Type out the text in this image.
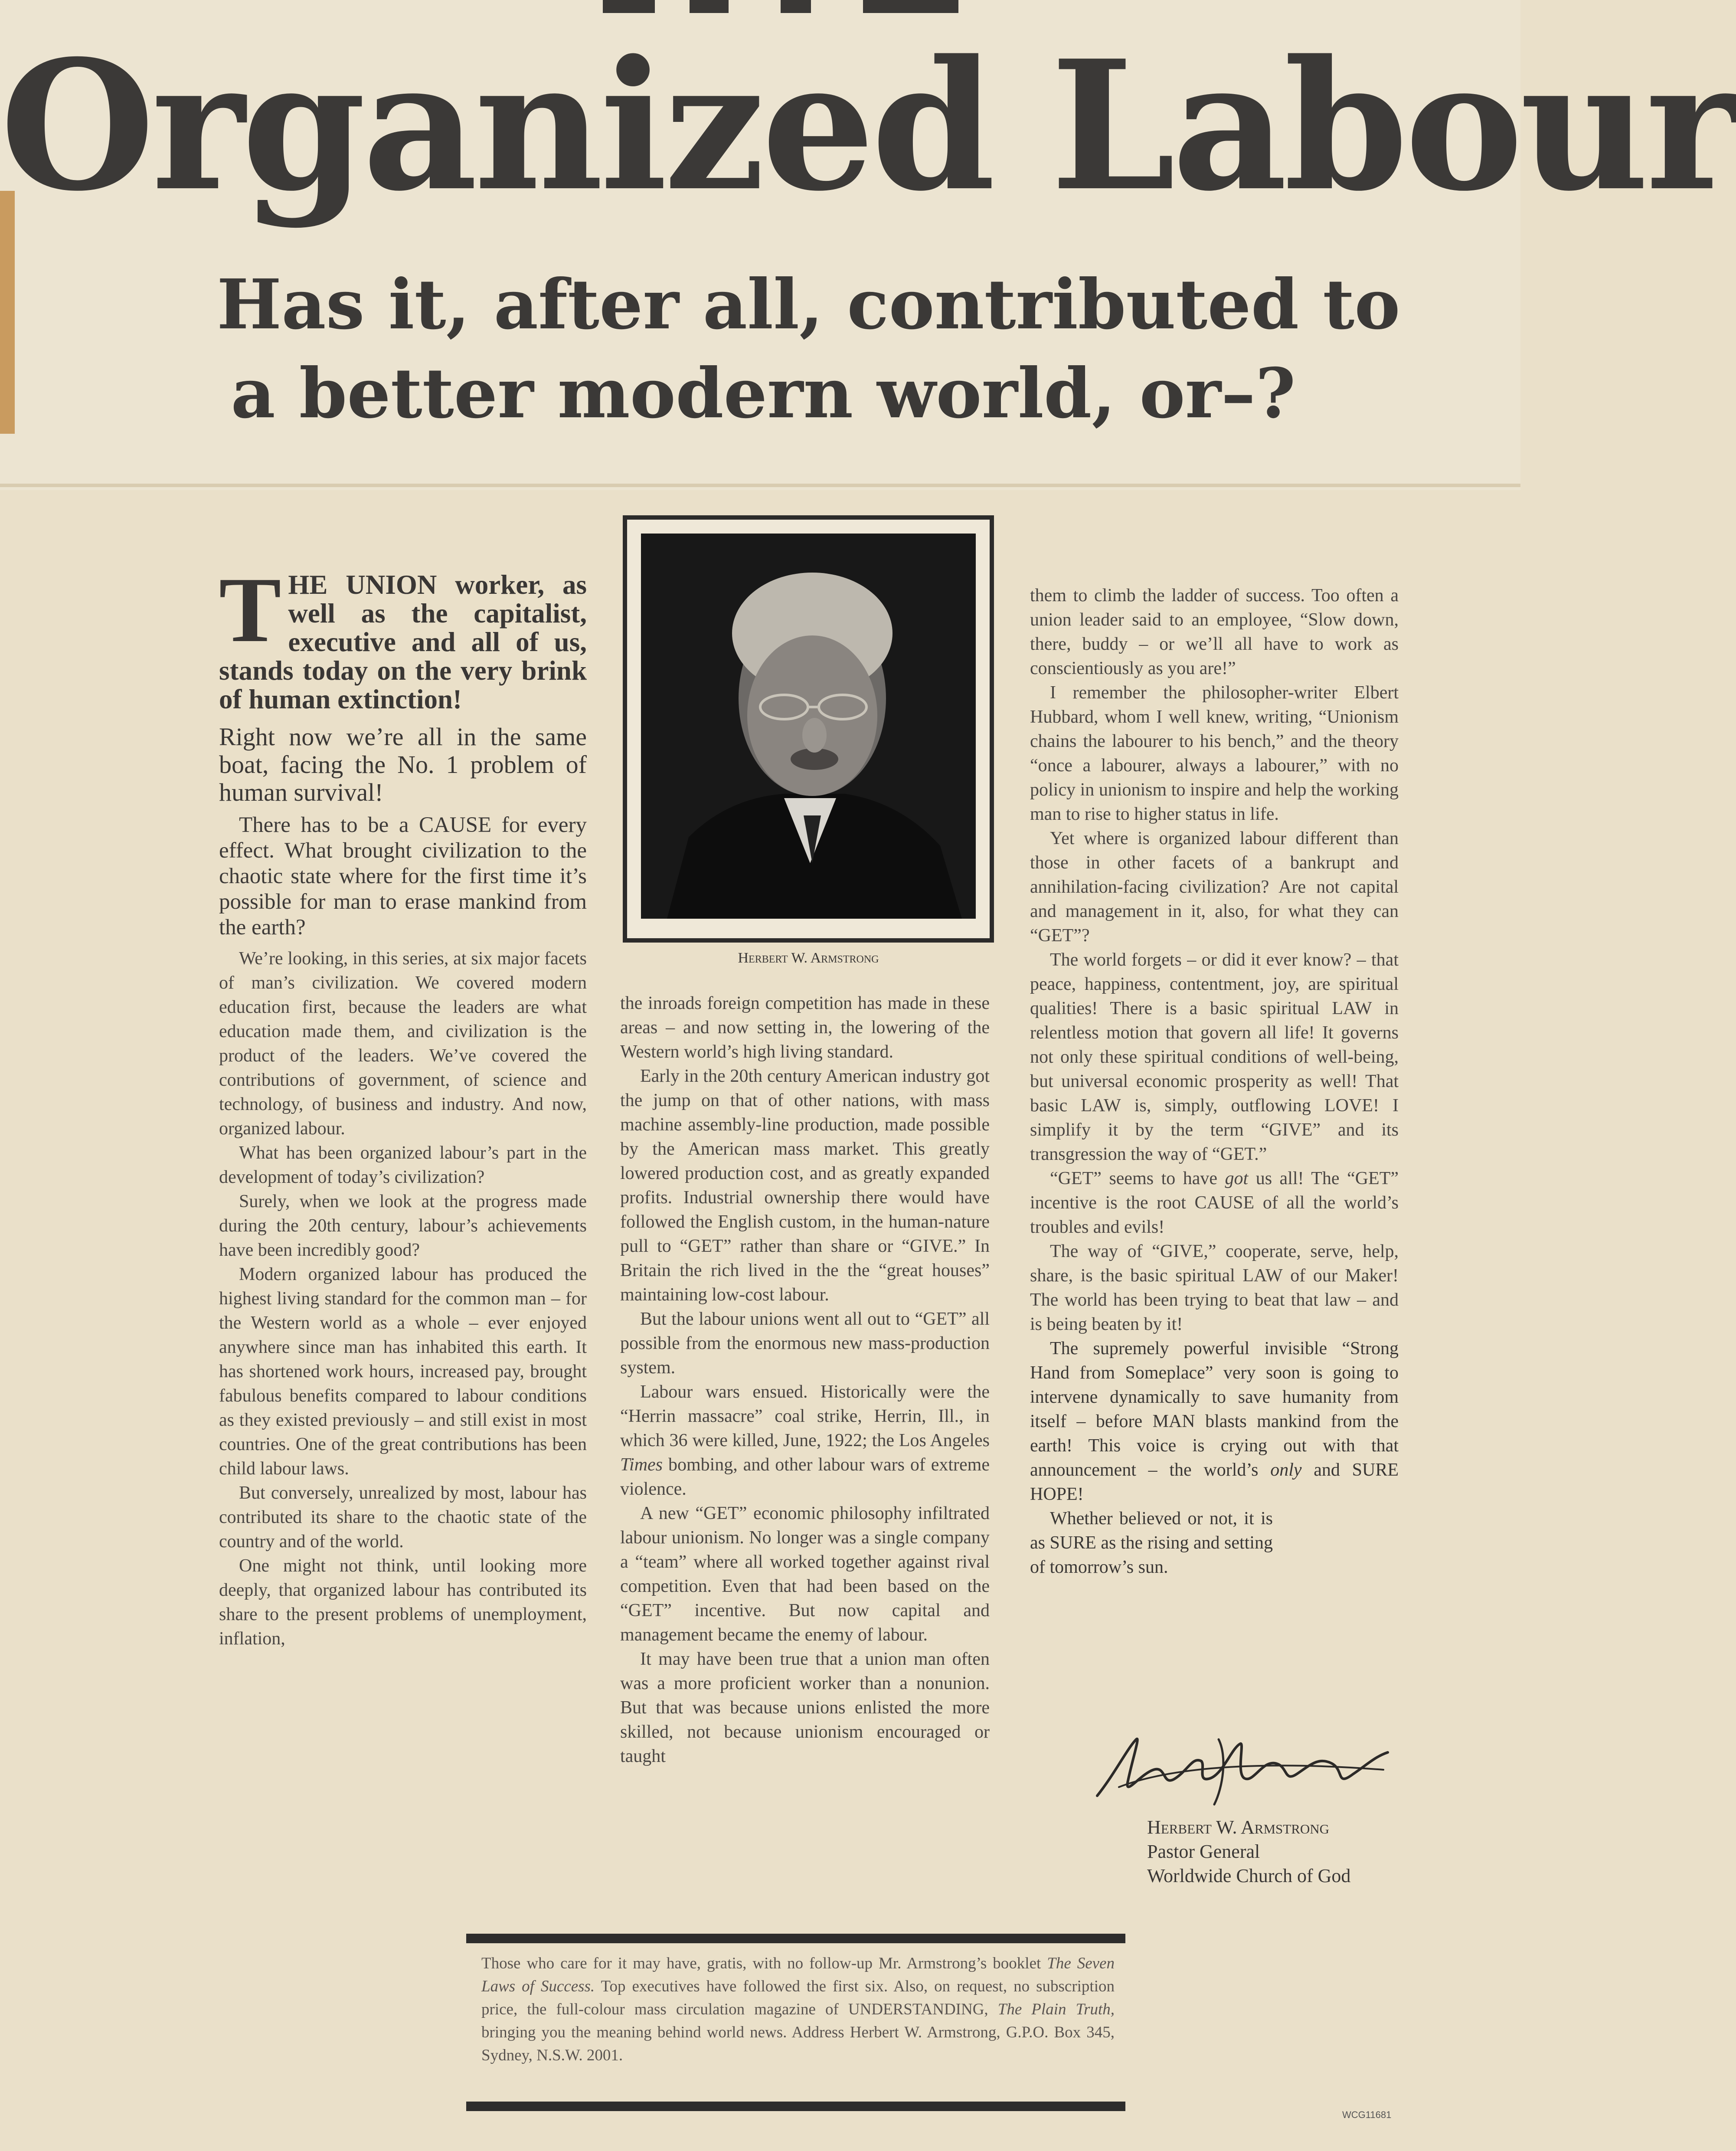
Organized Labour
Has it, after all, contributed to
a better modern world, or–?
T HE UNION worker, as well as the capitalist, executive and all of us, stands today on the very brink of human extinction!

Right now we’re all in the same boat, facing the No. 1 problem of human survival!

There has to be a CAUSE for every effect. What brought civilization to the chaotic state where for the first time it’s possible for man to erase mankind from the earth?

We’re looking, in this series, at six major facets of man’s civilization. We covered modern education first, because the leaders are what education made them, and civilization is the product of the leaders. We’ve covered the contributions of government, of science and technology, of business and industry. And now, organized labour.

What has been organized labour’s part in the development of today’s civilization?

Surely, when we look at the progress made during the 20th century, labour’s achievements have been incredibly good?

Modern organized labour has produced the highest living standard for the common man – for the Western world as a whole – ever enjoyed anywhere since man has inhabited this earth. It has shortened work hours, increased pay, brought fabulous benefits compared to labour conditions as they existed previously – and still exist in most countries. One of the great contributions has been child labour laws.

But conversely, unrealized by most, labour has contributed its share to the chaotic state of the country and of the world.

One might not think, until looking more deeply, that organized labour has contributed its share to the present problems of unemployment, inflation,

Herbert W. Armstrong

the inroads foreign competition has made in these areas – and now setting in, the lowering of the Western world’s high living standard.

Early in the 20th century American industry got the jump on that of other nations, with mass machine assembly-line production, made possible by the American mass market. This greatly lowered production cost, and as greatly expanded profits. Industrial ownership there would have followed the English custom, in the human-nature pull to “GET” rather than share or “GIVE.” In Britain the rich lived in the the “great houses” maintaining low-cost labour.

But the labour unions went all out to “GET” all possible from the enormous new mass-production system.

Labour wars ensued. Historically were the “Herrin massacre” coal strike, Herrin, Ill., in which 36 were killed, June, 1922; the Los Angeles Times bombing, and other labour wars of extreme violence.

A new “GET” economic philosophy infiltrated labour unionism. No longer was a single company a “team” where all worked together against rival competition. Even that had been based on the “GET” incentive. But now capital and management became the enemy of labour.

It may have been true that a union man often was a more proficient worker than a nonunion. But that was because unions enlisted the more skilled, not because unionism encouraged or taught

them to climb the ladder of success. Too often a union leader said to an employee, “Slow down, there, buddy – or we’ll all have to work as conscientiously as you are!”

I remember the philosopher-writer Elbert Hubbard, whom I well knew, writing, “Unionism chains the labourer to his bench,” and the theory “once a labourer, always a labourer,” with no policy in unionism to inspire and help the working man to rise to higher status in life.

Yet where is organized labour different than those in other facets of a bankrupt and annihilation-facing civilization? Are not capital and management in it, also, for what they can “GET”?

The world forgets – or did it ever know? – that peace, happiness, contentment, joy, are spiritual qualities! There is a basic spiritual LAW in relentless motion that govern all life! It governs not only these spiritual conditions of well-being, but universal economic prosperity as well! That basic LAW is, simply, outflowing LOVE! I simplify it by the term “GIVE” and its transgression the way of “GET.”

“GET” seems to have got us all! The “GET” incentive is the root CAUSE of all the world’s troubles and evils!

The way of “GIVE,” cooperate, serve, help, share, is the basic spiritual LAW of our Maker! The world has been trying to beat that law – and is being beaten by it!

The supremely powerful invisible “Strong Hand from Someplace” very soon is going to intervene dynamically to save humanity from itself – before MAN blasts mankind from the earth! This voice is crying out with that announcement – the world’s only and SURE HOPE!

Whether believed or not, it is as SURE as the rising and setting of tomorrow’s sun.

Herbert W. Armstrong
Pastor General
Worldwide Church of God
Those who care for it may have, gratis, with no follow-up Mr. Armstrong’s booklet The Seven Laws of Success. Top executives have followed the first six. Also, on request, no subscription price, the full-colour mass circulation magazine of UNDERSTANDING, The Plain Truth, bringing you the meaning behind world news. Address Herbert W. Armstrong, G.P.O. Box 345, Sydney, N.S.W. 2001.
WCG11681
